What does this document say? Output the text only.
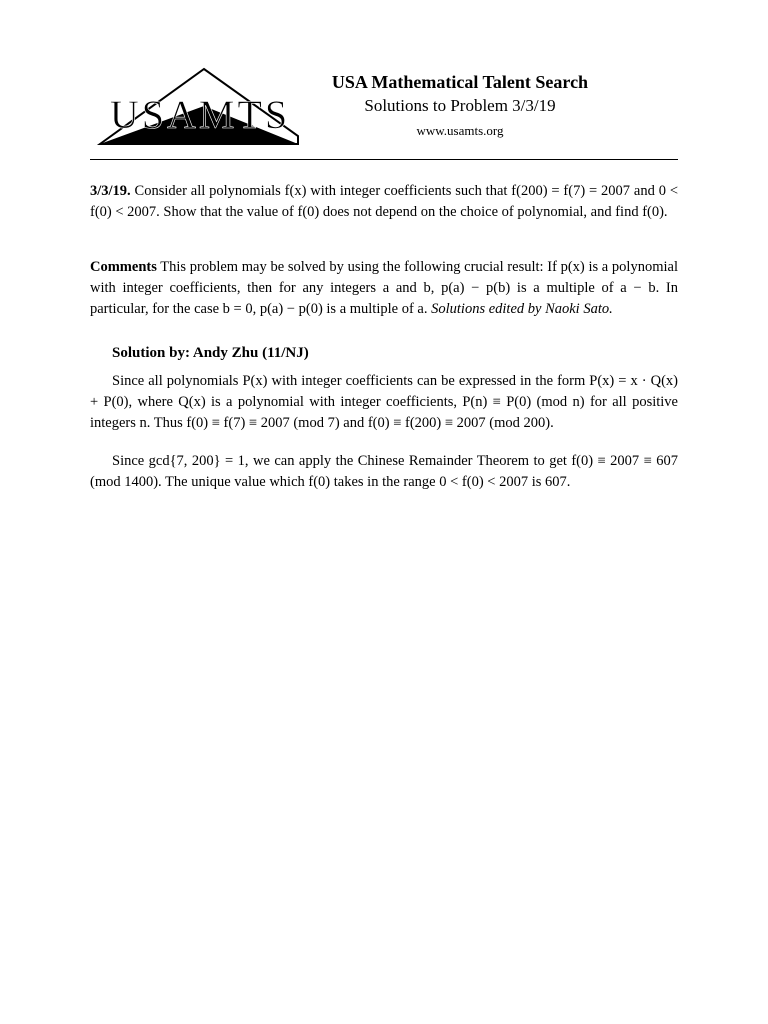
USAMTS
USA Mathematical Talent Search
Solutions to Problem 3/3/19
www.usamts.org

3/3/19. Consider all polynomials f(x) with integer coefficients such that f(200) = f(7) = 2007 and 0 < f(0) < 2007. Show that the value of f(0) does not depend on the choice of polynomial, and find f(0).

Comments This problem may be solved by using the following crucial result: If p(x) is a polynomial with integer coefficients, then for any integers a and b, p(a) − p(b) is a multiple of a − b. In particular, for the case b = 0, p(a) − p(0) is a multiple of a. Solutions edited by Naoki Sato.

Solution by: Andy Zhu (11/NJ)

Since all polynomials P(x) with integer coefficients can be expressed in the form P(x) = x · Q(x) + P(0), where Q(x) is a polynomial with integer coefficients, P(n) ≡ P(0) (mod n) for all positive integers n. Thus f(0) ≡ f(7) ≡ 2007 (mod 7) and f(0) ≡ f(200) ≡ 2007 (mod 200).

Since gcd{7, 200} = 1, we can apply the Chinese Remainder Theorem to get f(0) ≡ 2007 ≡ 607 (mod 1400). The unique value which f(0) takes in the range 0 < f(0) < 2007 is 607.
